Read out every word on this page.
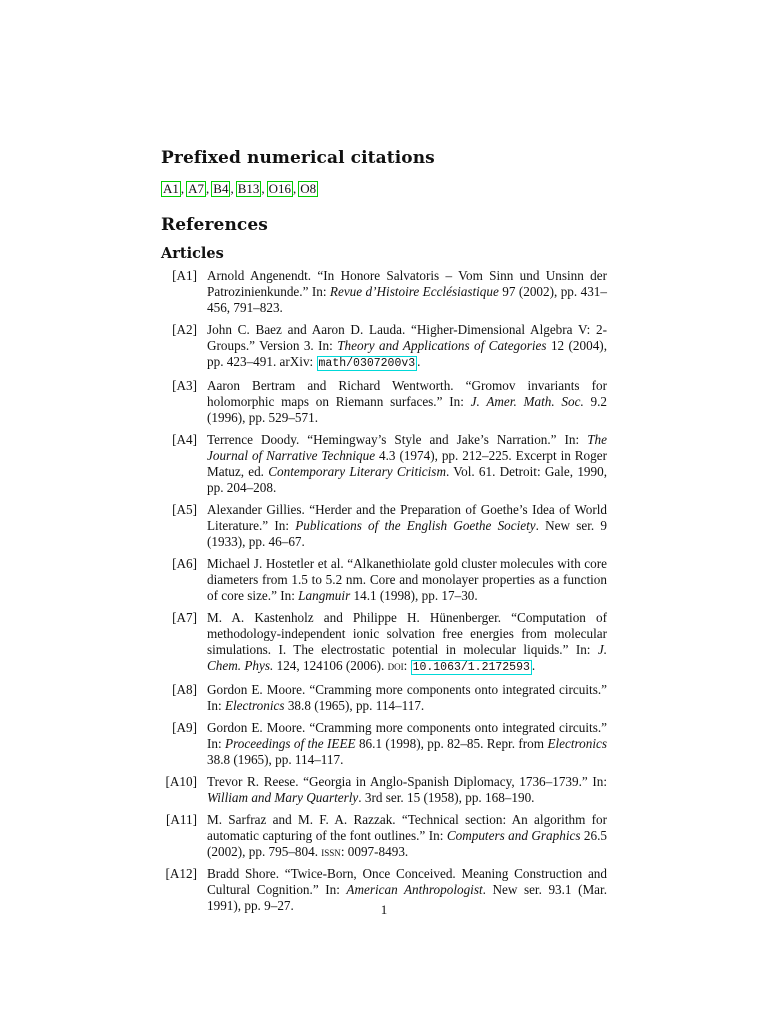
Prefixed numerical citations
A1 , A7 , B4 , B13 , O16 , O8
References
Articles
[A1] Arnold Angenendt. “In Honore Salvatoris – Vom Sinn und Unsinn der Patrozinienkunde.” In: Revue d’Histoire Ecclésiastique 97 (2002), pp. 431–456, 791–823.
[A2] John C. Baez and Aaron D. Lauda. “Higher-Dimensional Algebra V: 2-Groups.” Version 3. In: Theory and Applications of Categories 12 (2004), pp. 423–491. arXiv: math/0307200v3 .
[A3] Aaron Bertram and Richard Wentworth. “Gromov invariants for holomorphic maps on Riemann surfaces.” In: J. Amer. Math. Soc. 9.2 (1996), pp. 529–571.
[A4] Terrence Doody. “Hemingway’s Style and Jake’s Narration.” In: The Journal of Narrative Technique 4.3 (1974), pp. 212–225. Excerpt in Roger Matuz, ed. Contemporary Literary Criticism. Vol. 61. Detroit: Gale, 1990, pp. 204–208.
[A5] Alexander Gillies. “Herder and the Preparation of Goethe’s Idea of World Literature.” In: Publications of the English Goethe Society. New ser. 9 (1933), pp. 46–67.
[A6] Michael J. Hostetler et al. “Alkanethiolate gold cluster molecules with core diameters from 1.5 to 5.2 nm. Core and monolayer properties as a function of core size.” In: Langmuir 14.1 (1998), pp. 17–30.
[A7] M. A. Kastenholz and Philippe H. Hünenberger. “Computation of methodology-independent ionic solvation free energies from molecular simulations. I. The electrostatic potential in molecular liquids.” In: J. Chem. Phys. 124, 124106 (2006). doi: 10.1063/1.2172593 .
[A8] Gordon E. Moore. “Cramming more components onto integrated circuits.” In: Electronics 38.8 (1965), pp. 114–117.
[A9] Gordon E. Moore. “Cramming more components onto integrated circuits.” In: Proceedings of the IEEE 86.1 (1998), pp. 82–85. Repr. from Electronics 38.8 (1965), pp. 114–117.
[A10] Trevor R. Reese. “Georgia in Anglo-Spanish Diplomacy, 1736–1739.” In: William and Mary Quarterly. 3rd ser. 15 (1958), pp. 168–190.
[A11] M. Sarfraz and M. F. A. Razzak. “Technical section: An algorithm for automatic capturing of the font outlines.” In: Computers and Graphics 26.5 (2002), pp. 795–804. issn: 0097-8493.
[A12] Bradd Shore. “Twice-Born, Once Conceived. Meaning Construction and Cultural Cognition.” In: American Anthropologist. New ser. 93.1 (Mar. 1991), pp. 9–27.	1
